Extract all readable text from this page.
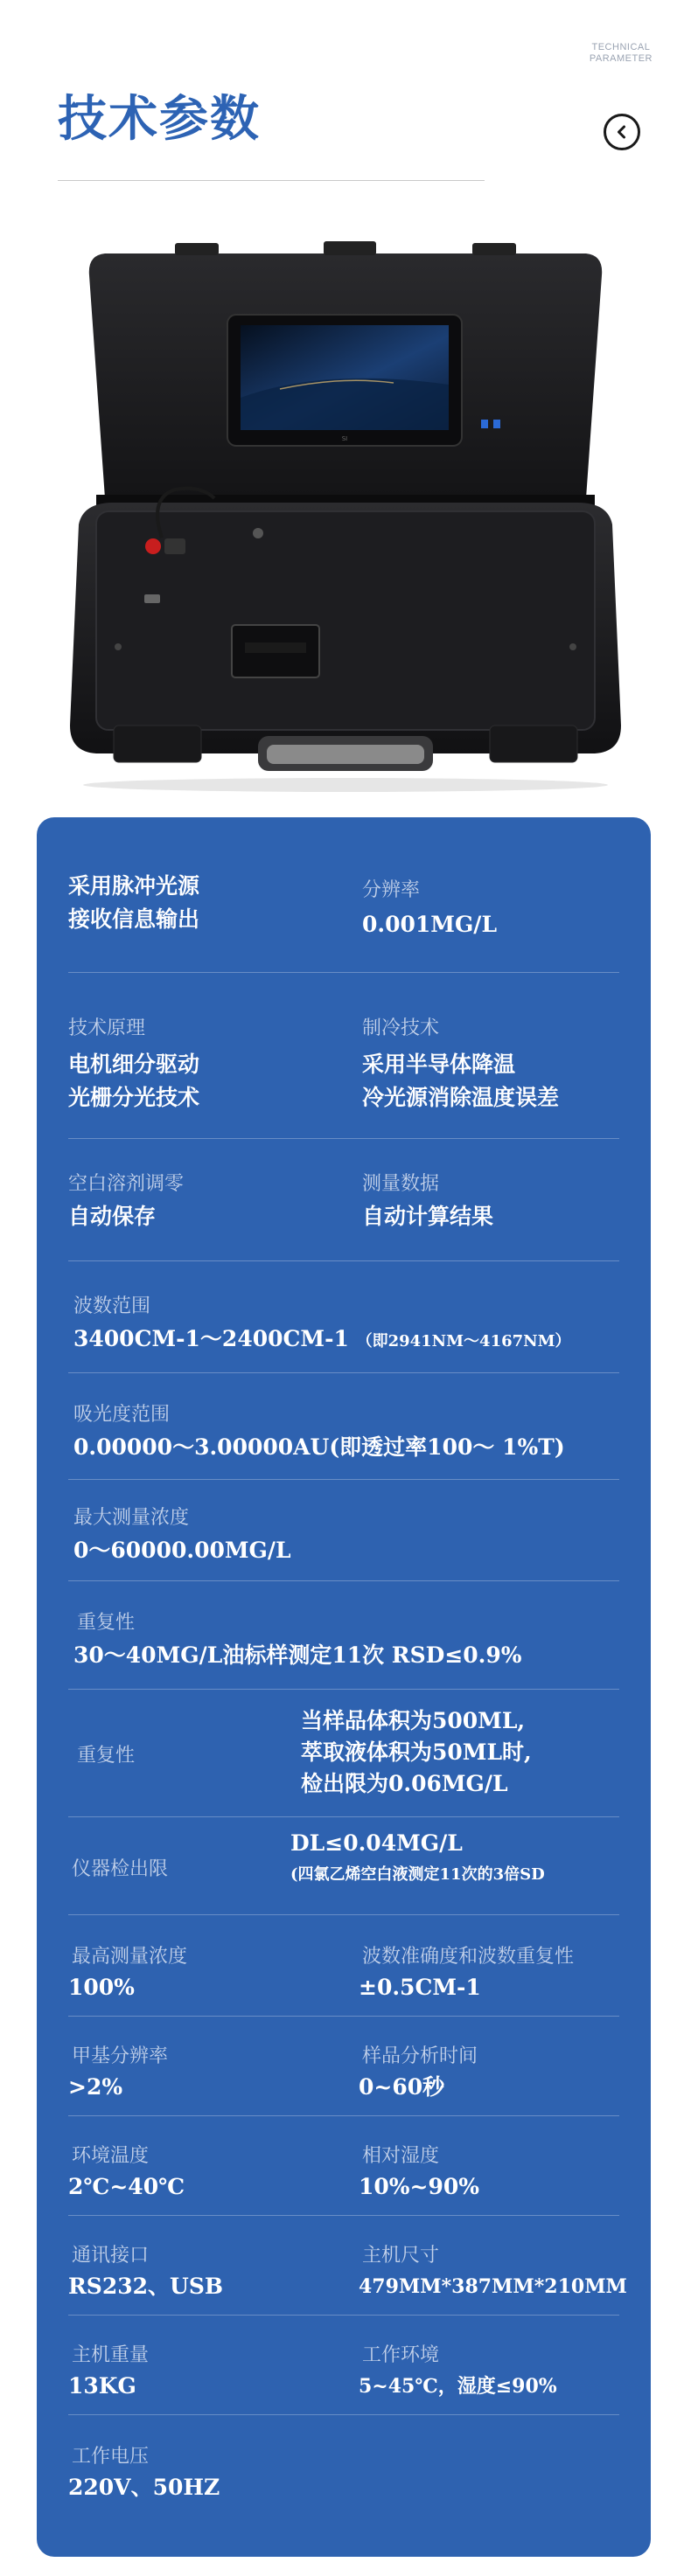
技术参数
TECHNICAL
PARAMETER
SI
采用脉冲光源
接收信息输出
分辨率
0.001MG/L
技术原理
电机细分驱动
光栅分光技术
制冷技术
采用半导体降温
冷光源消除温度误差
空白溶剂调零
自动保存
测量数据
自动计算结果
波数范围
3400CM-1～2400CM-1 （即2941NM～4167NM）
吸光度范围
0.00000～3.00000AU(即透过率100～ 1%T)
最大测量浓度
0～60000.00MG/L
重复性
30～40MG/L油标样测定11次 RSD≤0.9%
重复性
当样品体积为500ML,
萃取液体积为50ML时,
检出限为0.06MG/L
仪器检出限
DL≤0.04MG/L
(四氯乙烯空白液测定11次的3倍SD
最高测量浓度
100%
波数准确度和波数重复性
±0.5CM-1
甲基分辨率
>2%
样品分析时间
0~60秒
环境温度
2℃~40℃
相对湿度
10%~90%
通讯接口
RS232、USB
主机尺寸
479MM*387MM*210MM
主机重量
13KG
工作环境
5~45℃，湿度≤90%
工作电压
220V、50HZ
